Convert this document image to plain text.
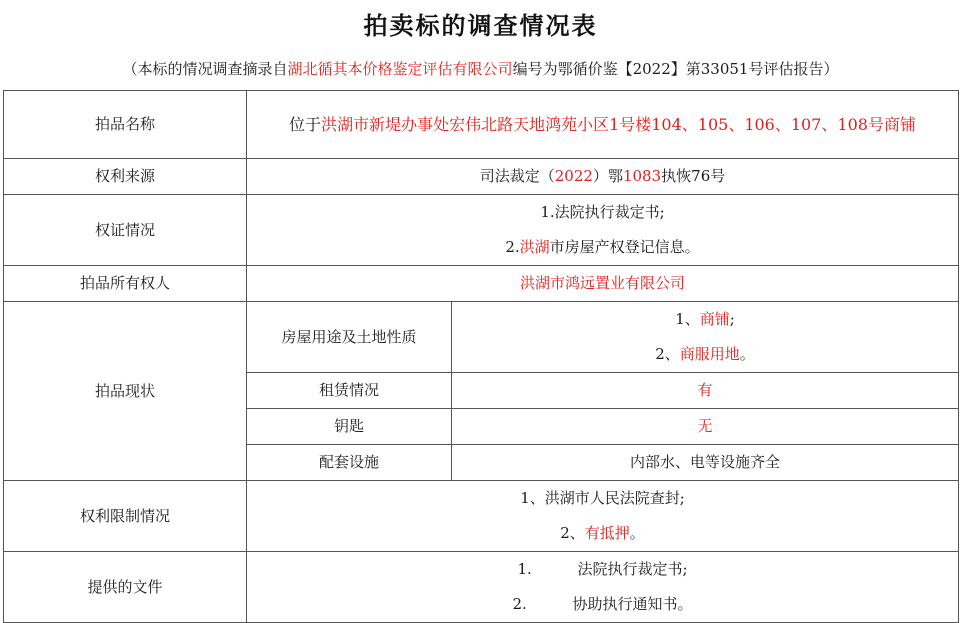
拍卖标的调查情况表
（本标的情况调查摘录自湖北循其本价格鉴定评估有限公司编号为鄂循价鉴【2022】第33051号评估报告）
拍品名称	位于洪湖市新堤办事处宏伟北路天地鸿苑小区1号楼104、105、106、107、108号商铺	
权利来源	司法裁定（2022）鄂1083执恢76号	
权证情况	1.法院执行裁定书;
2.洪湖市房屋产权登记信息。	

拍品所有权人	洪湖市鸿远置业有限公司	
拍品现状	房屋用途及土地性质	1、商铺;
2、商服用地。

	租赁情况	有
	钥匙	无
	配套设施	内部水、电等设施齐全
权利限制情况	1、洪湖市人民法院查封;
2、有抵押。	

提供的文件	1. 法院执行裁定书;
2. 协助执行通知书。	
